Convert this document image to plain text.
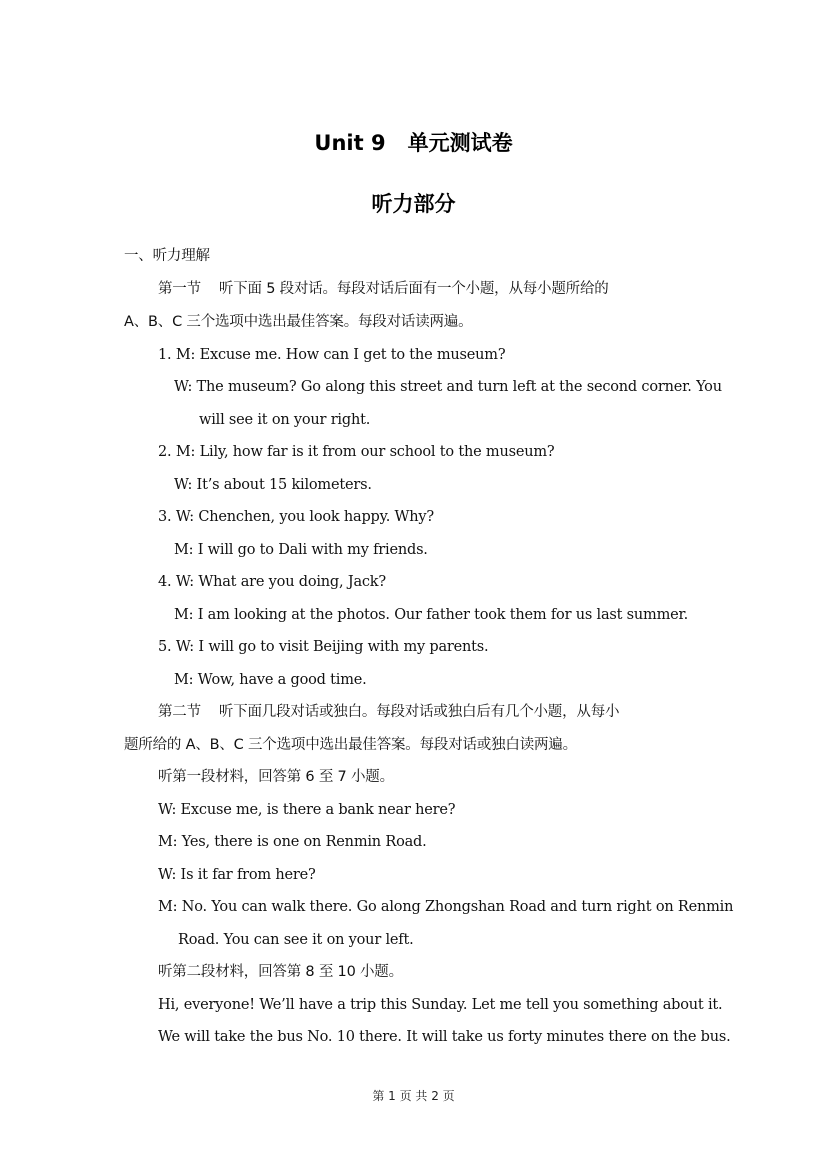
Unit 9 单元测试卷
听力部分
一、听力理解
第一节 听下面 5 段对话。每段对话后面有一个小题，从每小题所给的
A、B、C 三个选项中选出最佳答案。每段对话读两遍。
1. M: Excuse me. How can I get to the museum?
W: The museum? Go along this street and turn left at the second corner. You
will see it on your right.
2. M: Lily, how far is it from our school to the museum?
W: It’s about 15 kilometers.
3. W: Chenchen, you look happy. Why?
M: I will go to Dali with my friends.
4. W: What are you doing, Jack?
M: I am looking at the photos. Our father took them for us last summer.
5. W: I will go to visit Beijing with my parents.
M: Wow, have a good time.
第二节 听下面几段对话或独白。每段对话或独白后有几个小题，从每小
题所给的 A、B、C 三个选项中选出最佳答案。每段对话或独白读两遍。
听第一段材料，回答第 6 至 7 小题。
W: Excuse me, is there a bank near here?
M: Yes, there is one on Renmin Road.
W: Is it far from here?
M: No. You can walk there. Go along Zhongshan Road and turn right on Renmin
Road. You can see it on your left.
听第二段材料，回答第 8 至 10 小题。
Hi, everyone! We’ll have a trip this Sunday. Let me tell you something about it.
We will take the bus No. 10 there. It will take us forty minutes there on the bus.
第 1 页 共 2 页
